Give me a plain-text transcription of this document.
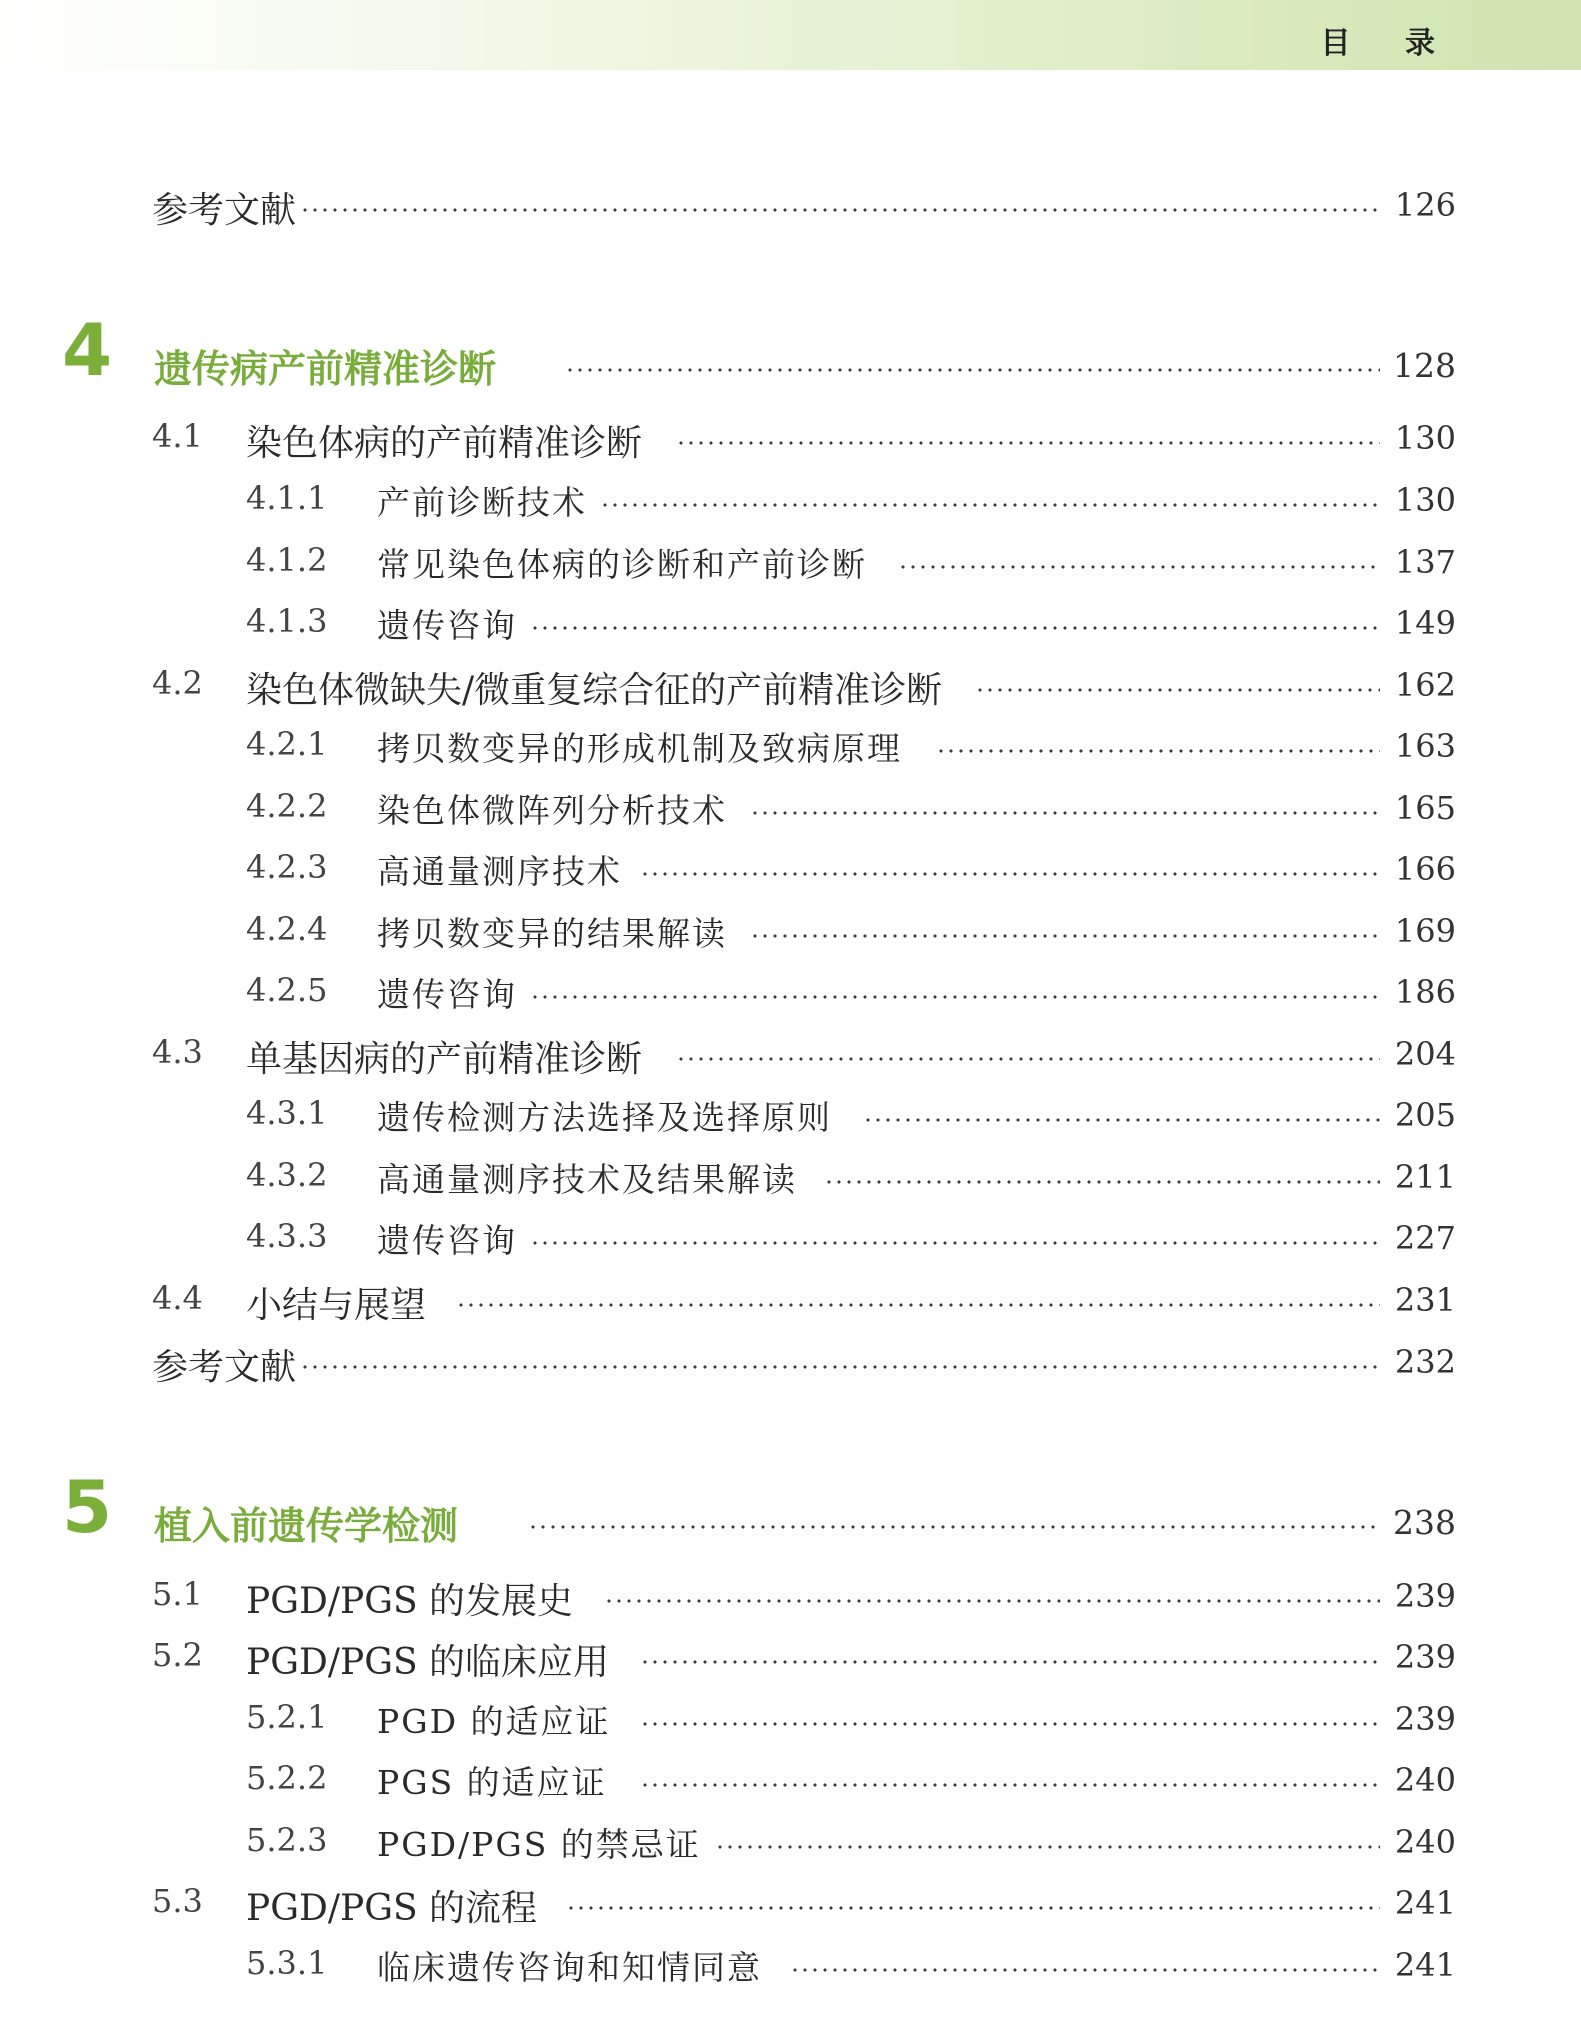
目 录
参考文献	126
4 遗传病产前精准诊断	128
4.1 染色体病的产前精准诊断	130
4.1.1 产前诊断技术	130
4.1.2 常见染色体病的诊断和产前诊断	137
4.1.3 遗传咨询	149
4.2 染色体微缺失/微重复综合征的产前精准诊断	162
4.2.1 拷贝数变异的形成机制及致病原理	163
4.2.2 染色体微阵列分析技术	165
4.2.3 高通量测序技术	166
4.2.4 拷贝数变异的结果解读	169
4.2.5 遗传咨询	186
4.3 单基因病的产前精准诊断	204
4.3.1 遗传检测方法选择及选择原则	205
4.3.2 高通量测序技术及结果解读	211
4.3.3 遗传咨询	227
4.4 小结与展望	231
参考文献	232
5 植入前遗传学检测	238
5.1 PGD/PGS 的发展史	239
5.2 PGD/PGS 的临床应用	239
5.2.1 PGD 的适应证	239
5.2.2 PGS 的适应证	240
5.2.3 PGD/PGS 的禁忌证	240
5.3 PGD/PGS 的流程	241
5.3.1 临床遗传咨询和知情同意	241
